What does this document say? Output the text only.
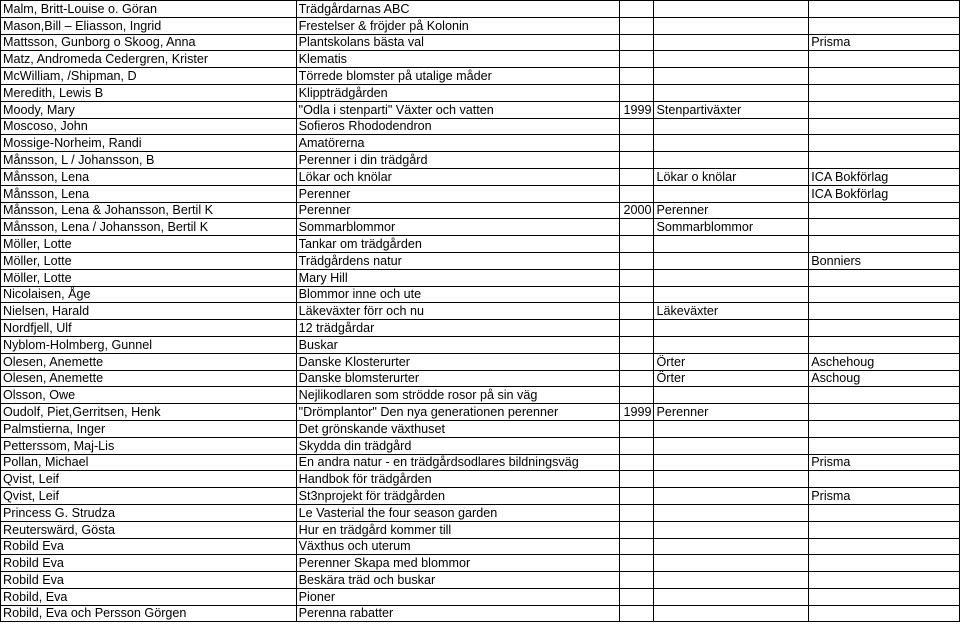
Malm, Britt-Louise o. Göran	Trädgårdarnas ABC			
Mason,Bill – Eliasson, Ingrid	Frestelser & fröjder på Kolonin			
Mattsson, Gunborg o Skoog, Anna	Plantskolans bästa val			Prisma
Matz, Andromeda Cedergren, Krister	Klematis			
McWilliam, /Shipman, D	Törrede blomster på utalige måder			
Meredith, Lewis B	Klippträdgården			
Moody, Mary	"Odla i stenparti" Växter och vatten	1999	Stenpartiväxter	
Moscoso, John	Sofieros Rhododendron			
Mossige-Norheim, Randi	Amatörerna			
Månsson, L / Johansson, B	Perenner i din trädgård			
Månsson, Lena	Lökar och knölar		Lökar o knölar	ICA Bokförlag
Månsson, Lena	Perenner			ICA Bokförlag
Månsson, Lena & Johansson, Bertil K	Perenner	2000	Perenner	
Månsson, Lena / Johansson, Bertil K	Sommarblommor		Sommarblommor	
Möller, Lotte	Tankar om trädgården			
Möller, Lotte	Trädgårdens natur			Bonniers
Möller, Lotte	Mary Hill			
Nicolaisen, Åge	Blommor inne och ute			
Nielsen, Harald	Läkeväxter förr och nu		Läkeväxter	
Nordfjell, Ulf	12 trädgårdar			
Nyblom-Holmberg, Gunnel	Buskar			
Olesen, Anemette	Danske Klosterurter		Örter	Aschehoug
Olesen, Anemette	Danske blomsterurter		Örter	Aschoug
Olsson, Owe	Nejlikodlaren som strödde rosor på sin väg			
Oudolf, Piet,Gerritsen, Henk	"Drömplantor" Den nya generationen perenner	1999	Perenner	
Palmstierna, Inger	Det grönskande växthuset			
Petterssom, Maj-Lis	Skydda din trädgård			
Pollan, Michael	En andra natur - en trädgårdsodlares bildningsväg			Prisma
Qvist, Leif	Handbok för trädgården			
Qvist, Leif	St3nprojekt för trädgården			Prisma
Princess G. Strudza	Le Vasterial the four season garden			
Reuterswärd, Gösta	Hur en trädgård kommer till			
Robild Eva	Växthus och uterum			
Robild Eva	Perenner Skapa med blommor			
Robild Eva	Beskära träd och buskar			
Robild, Eva	Pioner			
Robild, Eva och Persson Görgen	Perenna rabatter			
